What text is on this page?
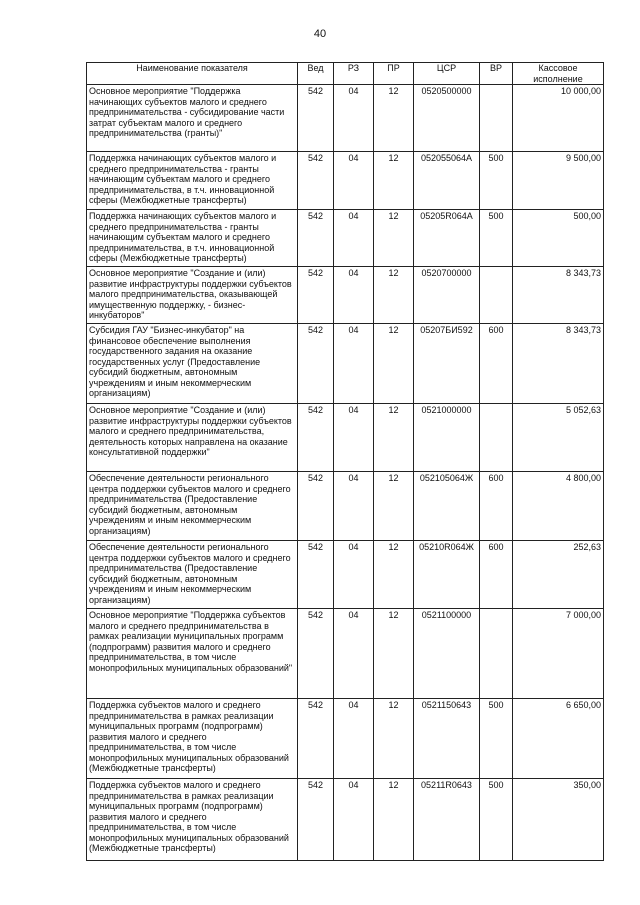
40
Наименование показателя	Вед	РЗ	ПР	ЦСР	ВР	Кассовое исполнение
Основное мероприятие "Поддержка начинающих субъектов малого и среднего предпринимательства - субсидирование части затрат субъектам малого и среднего предпринимательства (гранты)"	542	04	12	0520500000		10 000,00
Поддержка начинающих субъектов малого и среднего предпринимательства - гранты начинающим субъектам малого и среднего предпринимательства, в т.ч. инновационной сферы (Межбюджетные трансферты)	542	04	12	052055064А	500	9 500,00
Поддержка начинающих субъектов малого и среднего предпринимательства - гранты начинающим субъектам малого и среднего предпринимательства, в т.ч. инновационной сферы (Межбюджетные трансферты)	542	04	12	05205R064А	500	500,00
Основное мероприятие "Создание и (или) развитие инфраструктуры поддержки субъектов малого предпринимательства, оказывающей имущественную поддержку, - бизнес-инкубаторов"	542	04	12	0520700000		8 343,73
Субсидия ГАУ "Бизнес-инкубатор" на финансовое обеспечение выполнения государственного задания на оказание государственных услуг (Предоставление субсидий бюджетным, автономным учреждениям и иным некоммерческим организациям)	542	04	12	05207БИ592	600	8 343,73
Основное мероприятие "Создание и (или) развитие инфраструктуры поддержки субъектов малого и среднего предпринимательства, деятельность которых направлена на оказание консультативной поддержки"	542	04	12	0521000000		5 052,63
Обеспечение деятельности регионального центра поддержки субъектов малого и среднего предпринимательства (Предоставление субсидий бюджетным, автономным учреждениям и иным некоммерческим организациям)	542	04	12	052105064Ж	600	4 800,00
Обеспечение деятельности регионального центра поддержки субъектов малого и среднего предпринимательства (Предоставление субсидий бюджетным, автономным учреждениям и иным некоммерческим организациям)	542	04	12	05210R064Ж	600	252,63
Основное мероприятие "Поддержка субъектов малого и среднего предпринимательства в рамках реализации муниципальных программ (подпрограмм) развития малого и среднего предпринимательства, в том числе монопрофильных муниципальных образований"	542	04	12	0521100000		7 000,00
Поддержка субъектов малого и среднего предпринимательства в рамках реализации муниципальных программ (подпрограмм) развития малого и среднего предпринимательства, в том числе монопрофильных муниципальных образований (Межбюджетные трансферты)	542	04	12	0521150643	500	6 650,00
Поддержка субъектов малого и среднего предпринимательства в рамках реализации муниципальных программ (подпрограмм) развития малого и среднего предпринимательства, в том числе монопрофильных муниципальных образований (Межбюджетные трансферты)	542	04	12	05211R0643	500	350,00
